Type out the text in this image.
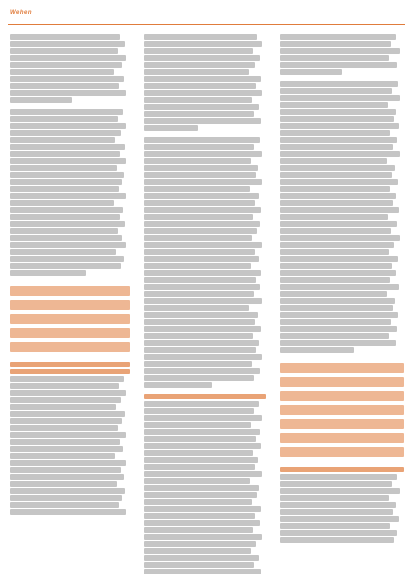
Wehen
